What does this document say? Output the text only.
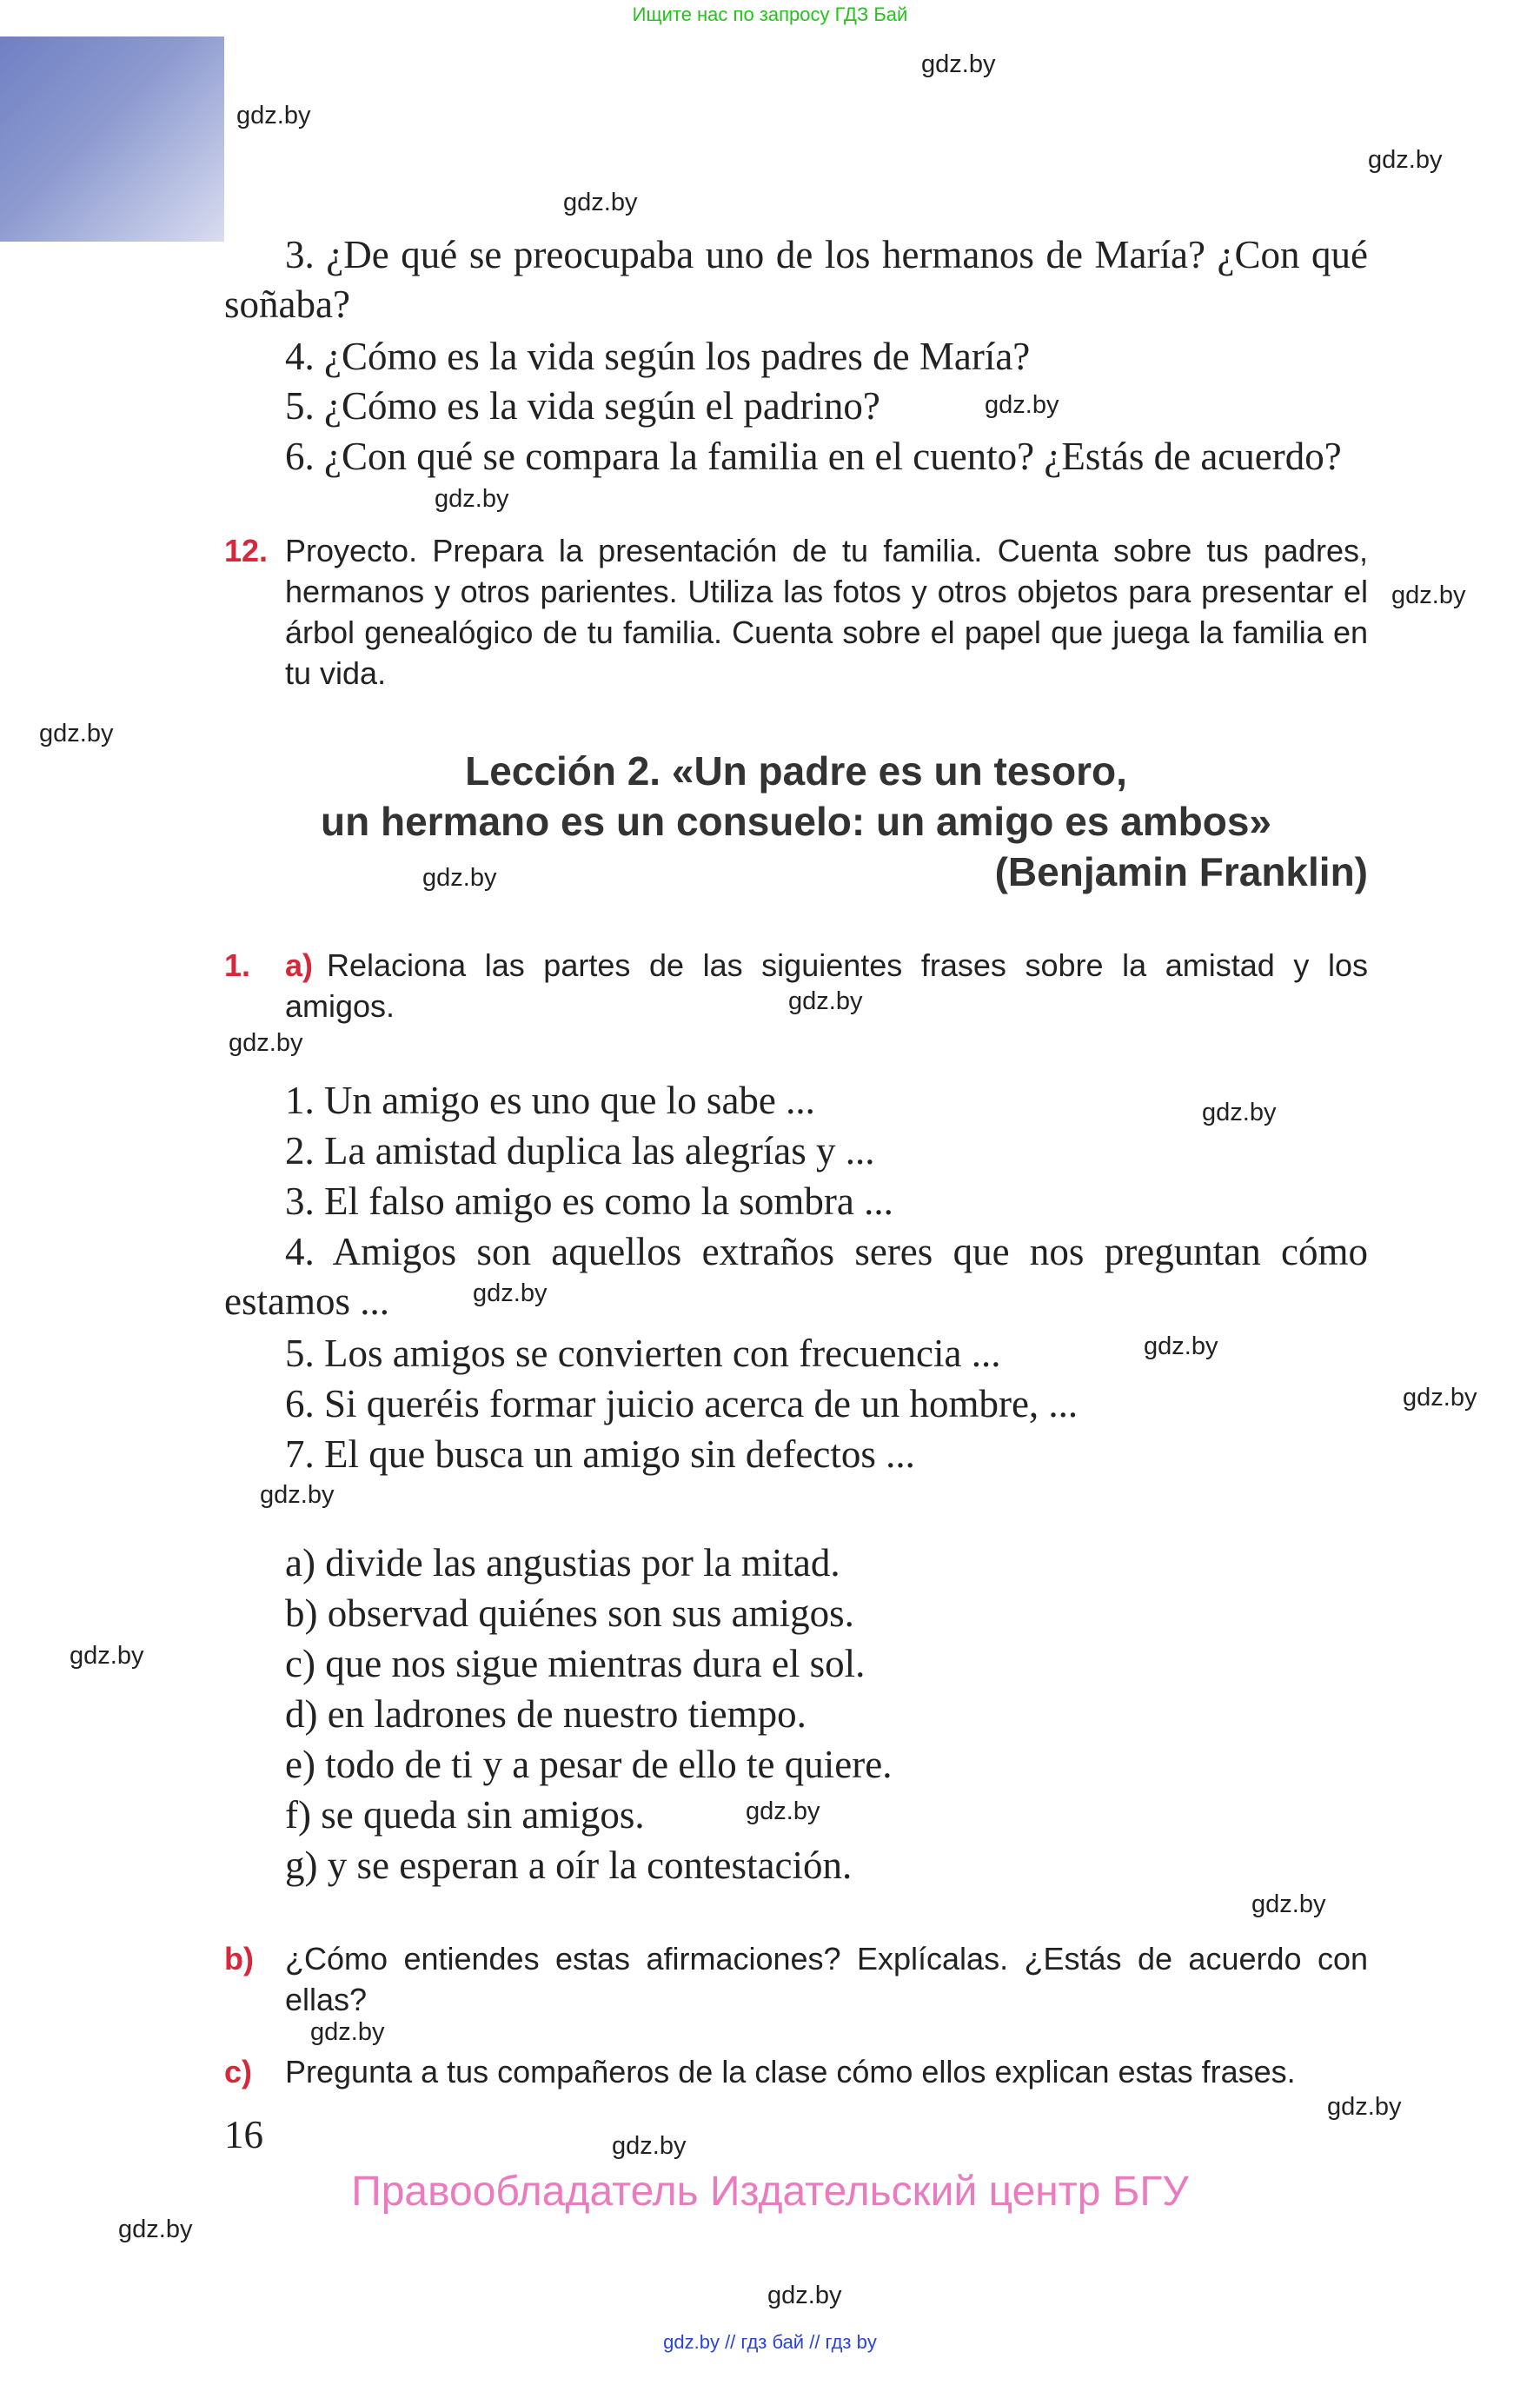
Ищите нас по запросу ГДЗ Бай
gdz.by
gdz.by
gdz.by
gdz.by
gdz.by
gdz.by
gdz.by
gdz.by
gdz.by
gdz.by
gdz.by
gdz.by
gdz.by
gdz.by
gdz.by
gdz.by
gdz.by
gdz.by
gdz.by
gdz.by
gdz.by
gdz.by
gdz.by
gdz.by

3. ¿De qué se preocupaba uno de los hermanos de María? ¿Con qué soñaba?

4. ¿Cómo es la vida según los padres de María?

5. ¿Cómo es la vida según el padrino?

6. ¿Con qué se compara la familia en el cuento? ¿Estás de acuerdo?

12. Proyecto. Prepara la presentación de tu familia. Cuenta sobre tus padres, hermanos y otros parientes. Utiliza las fotos y otros objetos para presentar el árbol genealógico de tu familia. Cuenta sobre el papel que juega la familia en tu vida.

Lección 2. «Un padre es un tesoro,
un hermano es un consuelo: un amigo es ambos»
(Benjamin Franklin)
1. a) Relaciona las partes de las siguientes frases sobre la amistad y los amigos.

1. Un amigo es uno que lo sabe ...
2. La amistad duplica las alegrías y ...
3. El falso amigo es como la sombra ...

4. Amigos son aquellos extraños seres que nos preguntan cómo estamos ...

5. Los amigos se convierten con frecuencia ...
6. Si queréis formar juicio acerca de un hombre, ...
7. El que busca un amigo sin defectos ...
a) divide las angustias por la mitad.
b) observad quiénes son sus amigos.
c) que nos sigue mientras dura el sol.
d) en ladrones de nuestro tiempo.
e) todo de ti y a pesar de ello te quiere.
f) se queda sin amigos.
g) y se esperan a oír la contestación.
b) ¿Cómo entiendes estas afirmaciones? Explícalas. ¿Estás de acuerdo con ellas?

c) Pregunta a tus compañeros de la clase cómo ellos explican estas frases.

16
Правообладатель Издательский центр БГУ
gdz.by // гдз бай // гдз by
